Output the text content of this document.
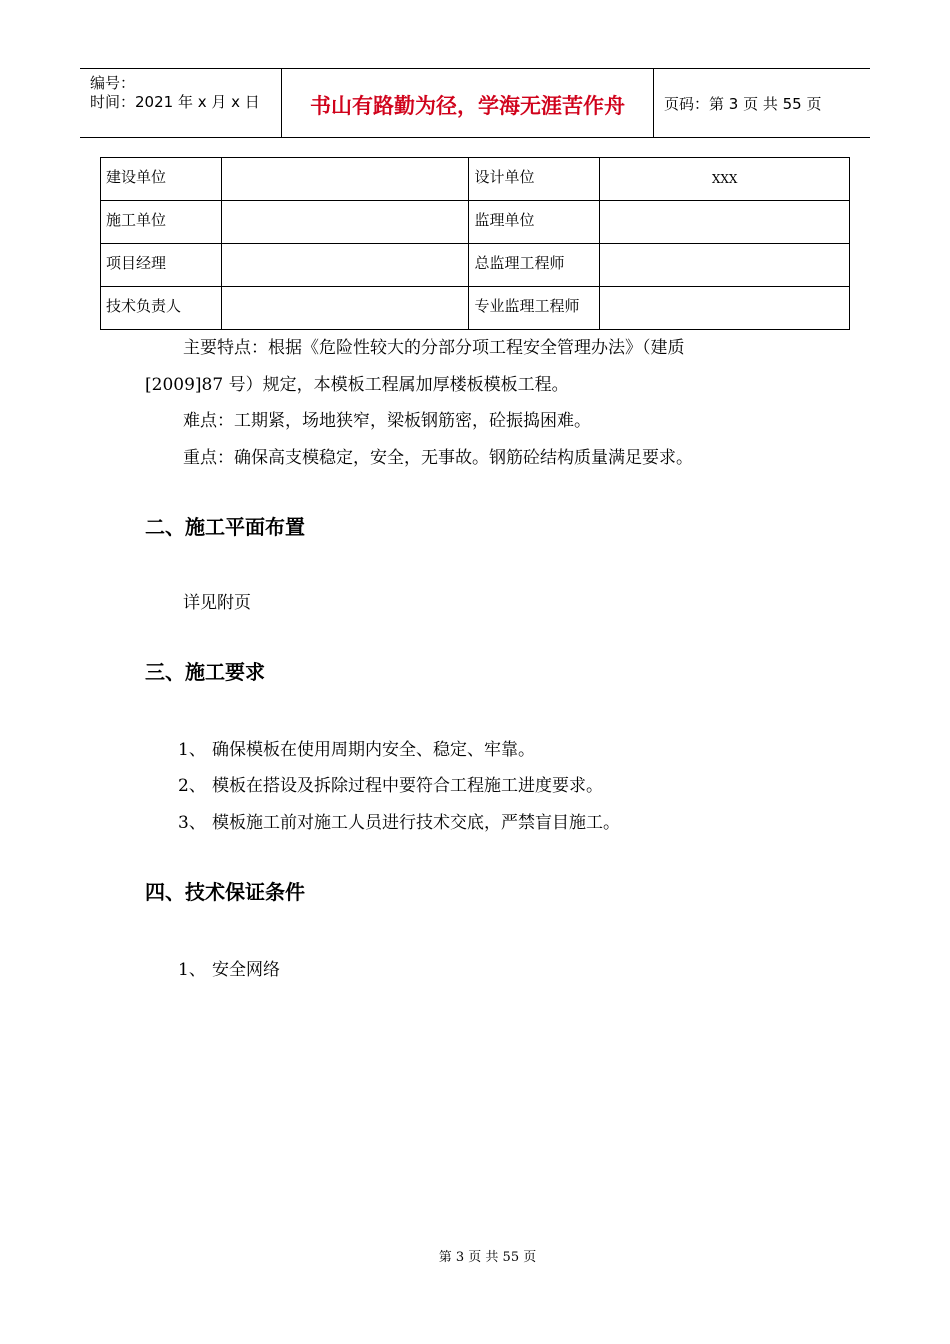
编号：
时间：2021 年 x 月 x 日	书山有路勤为径，学海无涯苦作舟	页码：第 3 页 共 55 页
建设单位		设计单位	XXX
施工单位		监理单位	
项目经理		总监理工程师	
技术负责人		专业监理工程师	
主要特点：根据《危险性较大的分部分项工程安全管理办法》（建质
[2009]87 号）规定，本模板工程属加厚楼板模板工程。
难点：工期紧，场地狭窄，梁板钢筋密，砼振捣困难。
重点：确保高支模稳定，安全，无事故。钢筋砼结构质量满足要求。
二、施工平面布置
详见附页
三、施工要求
1、 确保模板在使用周期内安全、稳定、牢靠。
2、 模板在搭设及拆除过程中要符合工程施工进度要求。
3、 模板施工前对施工人员进行技术交底，严禁盲目施工。
四、技术保证条件
1、 安全网络
第 3 页 共 55 页
